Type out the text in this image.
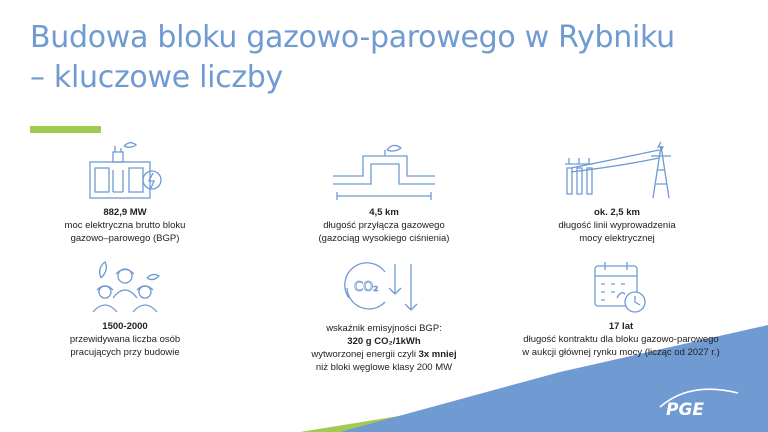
Budowa bloku gazowo-parowego w Rybniku
– kluczowe liczby
882,9 MW
moc elektryczna brutto bloku
gazowo–parowego (BGP)
4,5 km
długość przyłącza gazowego
(gazociąg wysokiego ciśnienia)
ok. 2,5 km
długość linii wyprowadzenia
mocy elektrycznej
1500-2000
przewidywana liczba osób
pracujących przy budowie
CO₂
wskaźnik emisyjności BGP:
320 g CO₂/1kWh
wytworzonej energii czyli 3x mniej
niż bloki węglowe klasy 200 MW
17 lat
długość kontraktu dla bloku gazowo-parowego
w aukcji głównej rynku mocy (licząc od 2027 r.)
PGE
